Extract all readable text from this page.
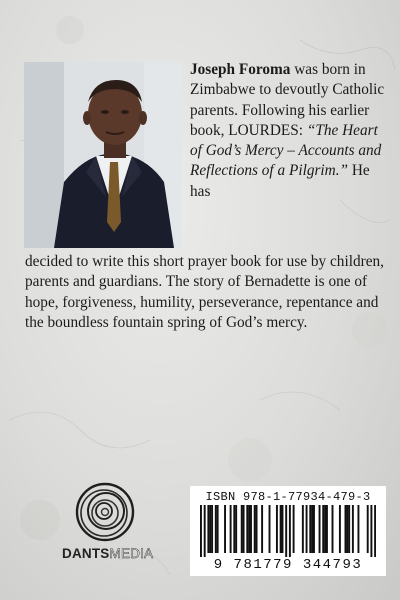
Joseph Foroma was born in Zimbabwe to devoutly Catholic parents. Following his earlier book, LOURDES: “The Heart of God’s Mercy – Accounts and Reflections of a Pilgrim.” He has

decided to write this short prayer book for use by children, parents and guardians. The story of Bernadette is one of hope, forgiveness, humility, perseverance, repentance and the boundless fountain spring of God’s mercy.

DANTSMEDIA
ISBN 978-1-77934-479-3
9 781779 344793
